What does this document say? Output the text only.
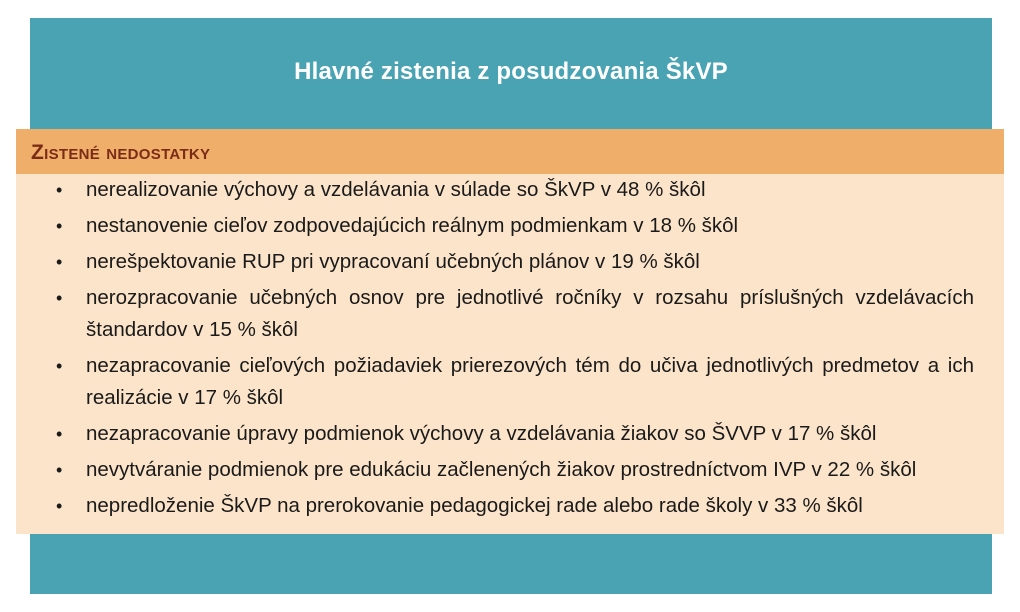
Hlavné zistenia z posudzovania ŠkVP
Zistené nedostatky
• nerealizovanie výchovy a vzdelávania v súlade so ŠkVP v 48 % škôl
• nestanovenie cieľov zodpovedajúcich reálnym podmienkam v 18 % škôl
• nerešpektovanie RUP pri vypracovaní učebných plánov v 19 % škôl
• nerozpracovanie učebných osnov pre jednotlivé ročníky v rozsahu príslušných vzdelávacích štandardov v 15 % škôl
• nezapracovanie cieľových požiadaviek prierezových tém do učiva jednotlivých predmetov a ich realizácie v 17 % škôl
• nezapracovanie úpravy podmienok výchovy a vzdelávania žiakov so ŠVVP v 17 % škôl
• nevytváranie podmienok pre edukáciu začlenených žiakov prostredníctvom IVP v 22 % škôl
• nepredloženie ŠkVP na prerokovanie pedagogickej rade alebo rade školy v 33 % škôl
